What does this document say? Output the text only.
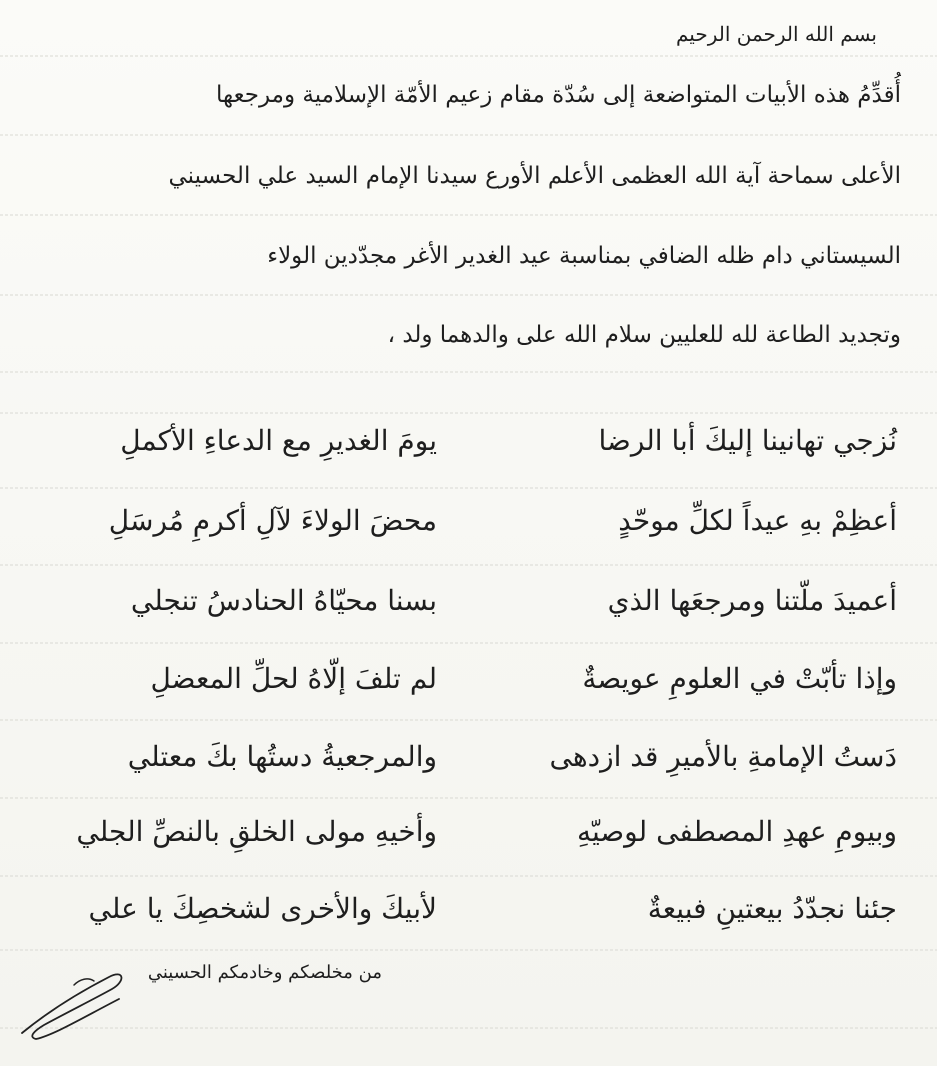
بسم الله الرحمن الرحيم
أُقدِّمُ هذه الأبيات المتواضعة إلى سُدّة مقام زعيم الأمّة الإسلامية ومرجعها
الأعلى سماحة آية الله العظمى الأعلم الأورع سيدنا الإمام السيد علي الحسيني
السيستاني دام ظله الضافي بمناسبة عيد الغدير الأغر مجدّدين الولاء
وتجديد الطاعة لله للعليين سلام الله على والدهما ولد ،
نُزجي تهانينا إليكَ أبا الرضا
يومَ الغديرِ مع الدعاءِ الأكملِ
أعظِمْ بهِ عيداً لكلِّ موحّدٍ
محضَ الولاءَ لآلِ أكرمِ مُرسَلِ
أعميدَ ملّتنا ومرجعَها الذي
بسنا محيّاهُ الحنادسُ تنجلي
وإذا تأبّتْ في العلومِ عويصةٌ
لم تلفَ إلّاهُ لحلِّ المعضلِ
دَستُ الإمامةِ بالأميرِ قد ازدهى
والمرجعيةُ دستُها بكَ معتلي
وبيومِ عهدِ المصطفى لوصيّهِ
وأخيهِ مولى الخلقِ بالنصِّ الجلي
جئنا نجدّدُ بيعتينِ فبيعةٌ
لأبيكَ والأخرى لشخصِكَ يا علي
من مخلصكم وخادمكم الحسيني
